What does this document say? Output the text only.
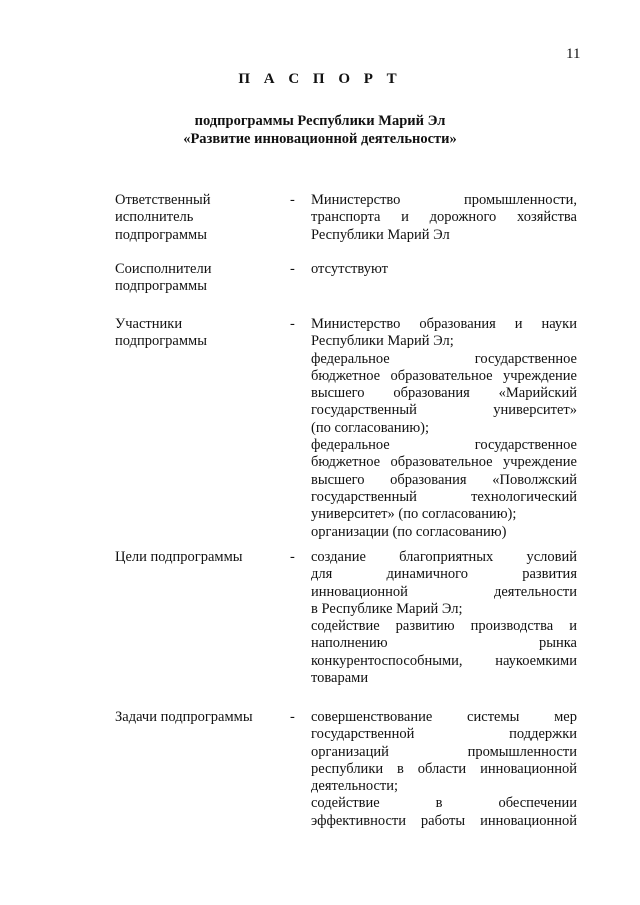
11
П А С П О Р Т
подпрограммы Республики Марий Эл
«Развитие инновационной деятельности»
Ответственный
исполнитель
подпрограммы
- Министерство промышленности,
транспорта и дорожного хозяйства
Республики Марий Эл
Соисполнители
подпрограммы
- отсутствуют
Участники
подпрограммы
- Министерство образования и науки
Республики Марий Эл;
федеральное государственное
бюджетное образовательное учреждение
высшего образования «Марийский
государственный университет»
(по согласованию);
федеральное государственное
бюджетное образовательное учреждение
высшего образования «Поволжский
государственный технологический
университет» (по согласованию);
организации (по согласованию)
Цели подпрограммы	- создание благоприятных условий
для динамичного развития
инновационной деятельности
в Республике Марий Эл;
содействие развитию производства и
наполнению рынка
конкурентоспособными, наукоемкими
товарами
Задачи подпрограммы	- совершенствование системы мер
государственной поддержки
организаций промышленности
республики в области инновационной
деятельности;
содействие в обеспечении
эффективности работы инновационной
